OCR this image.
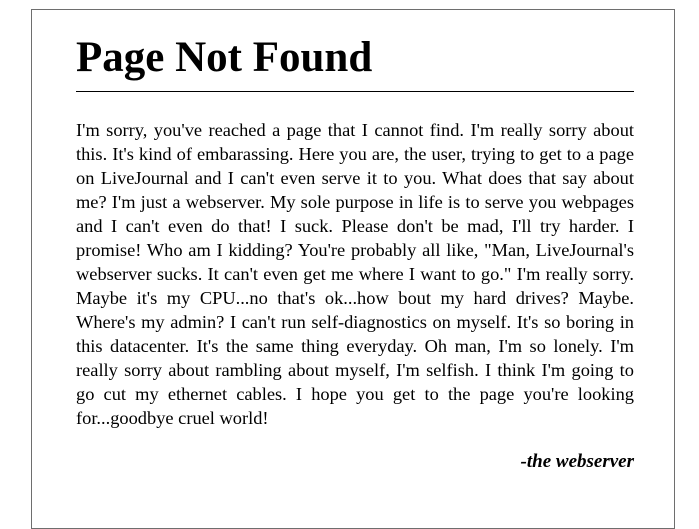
Page Not Found

I'm sorry, you've reached a page that I cannot find. I'm really sorry about this. It's kind of embarassing. Here you are, the user, trying to get to a page on LiveJournal and I can't even serve it to you. What does that say about me? I'm just a webserver. My sole purpose in life is to serve you webpages and I can't even do that! I suck. Please don't be mad, I'll try harder. I promise! Who am I kidding? You're probably all like, "Man, LiveJournal's webserver sucks. It can't even get me where I want to go." I'm really sorry. Maybe it's my CPU...no that's ok...how bout my hard drives? Maybe. Where's my admin? I can't run self-diagnostics on myself. It's so boring in this datacenter. It's the same thing everyday. Oh man, I'm so lonely. I'm really sorry about rambling about myself, I'm selfish. I think I'm going to go cut my ethernet cables. I hope you get to the page you're looking for...goodbye cruel world!

-the webserver
